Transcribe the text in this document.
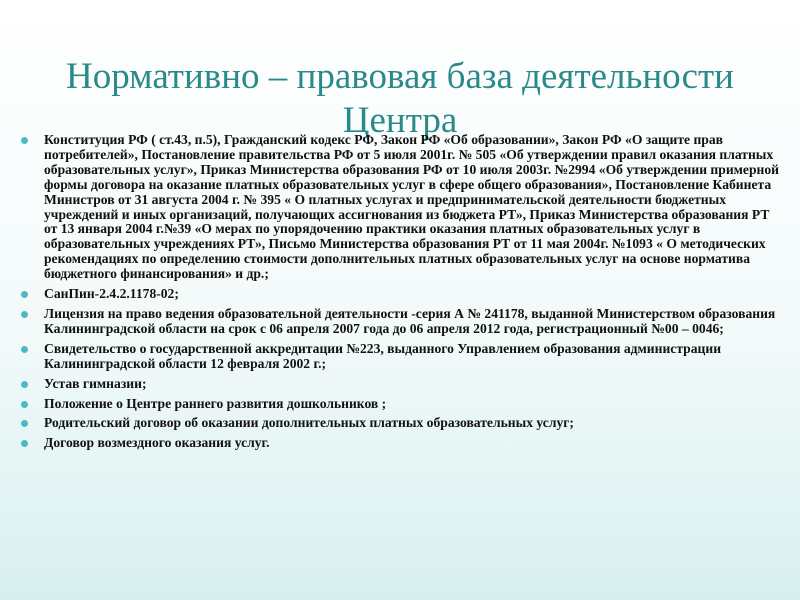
Нормативно – правовая база деятельности
Центра
Конституция РФ ( ст.43, п.5), Гражданский кодекс РФ, Закон РФ «Об образовании», Закон РФ «О защите прав потребителей», Постановление правительства РФ от 5 июля 2001г. № 505 «Об утверждении правил оказания платных образовательных услуг», Приказ Министерства образования РФ от 10 июля 2003г. №2994 «Об утверждении примерной формы договора на оказание платных образовательных услуг в сфере общего образования», Постановление Кабинета Министров от 31 августа 2004 г. № 395 « О платных услугах и предпринимательской деятельности бюджетных учреждений и иных организаций, получающих ассигнования из бюджета РТ», Приказ Министерства образования РТ от 13 января 2004 г.№39 «О мерах по упорядочению практики оказания платных образовательных услуг в образовательных учреждениях РТ», Письмо Министерства образования РТ от 11 мая 2004г. №1093 « О методических рекомендациях по определению стоимости дополнительных платных образовательных услуг на основе норматива бюджетного финансирования» и др.;
СанПин-2.4.2.1178-02;
Лицензия на право ведения образовательной деятельности -серия А № 241178, выданной Министерством образования Калининградской области на срок с 06 апреля 2007 года до 06 апреля 2012 года, регистрационный №00 – 0046;
Свидетельство о государственной аккредитации №223, выданного Управлением образования администрации Калининградской области 12 февраля 2002 г.;
Устав гимназии;
Положение о Центре раннего развития дошкольников ;
Родительский договор об оказании дополнительных платных образовательных услуг;
Договор возмездного оказания услуг.
